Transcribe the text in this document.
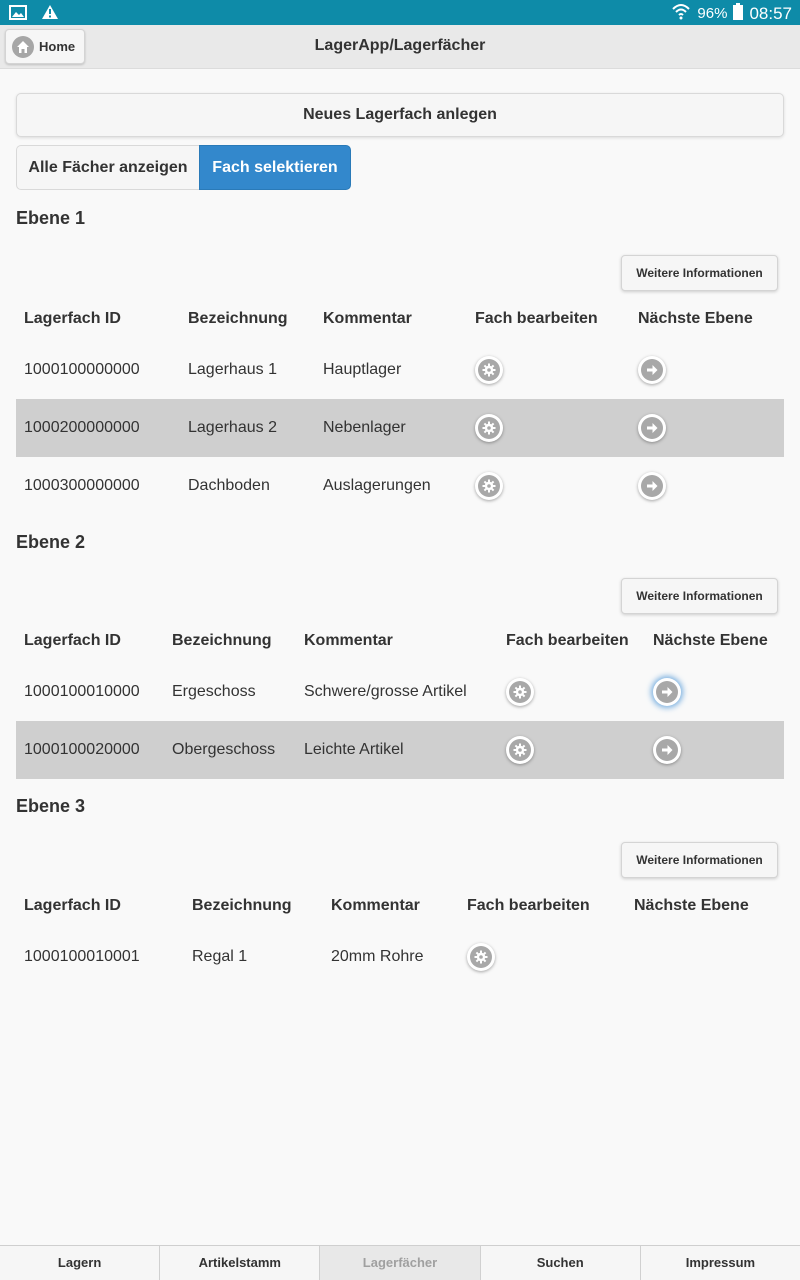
96% 08:57
Home	LagerApp/Lagerfächer
Neues Lagerfach anlegen
Alle Fächer anzeigen	Fach selektieren
Ebene 1
Weitere Informationen
Lagerfach ID	Bezeichnung	Kommentar	Fach bearbeiten	Nächste Ebene
1000100000000	Lagerhaus 1	Hauptlager	

1000200000000	Lagerhaus 2	Nebenlager	

1000300000000	Dachboden	Auslagerungen	

Ebene 2
Weitere Informationen
Lagerfach ID	Bezeichnung	Kommentar	Fach bearbeiten	Nächste Ebene
1000100010000	Ergeschoss	Schwere/grosse Artikel	

1000100020000	Obergeschoss	Leichte Artikel	

Ebene 3
Weitere Informationen
Lagerfach ID	Bezeichnung	Kommentar	Fach bearbeiten	Nächste Ebene
1000100010001	Regal 1	20mm Rohre	

Lagern	Artikelstamm	Lagerfächer	Suchen	Impressum
